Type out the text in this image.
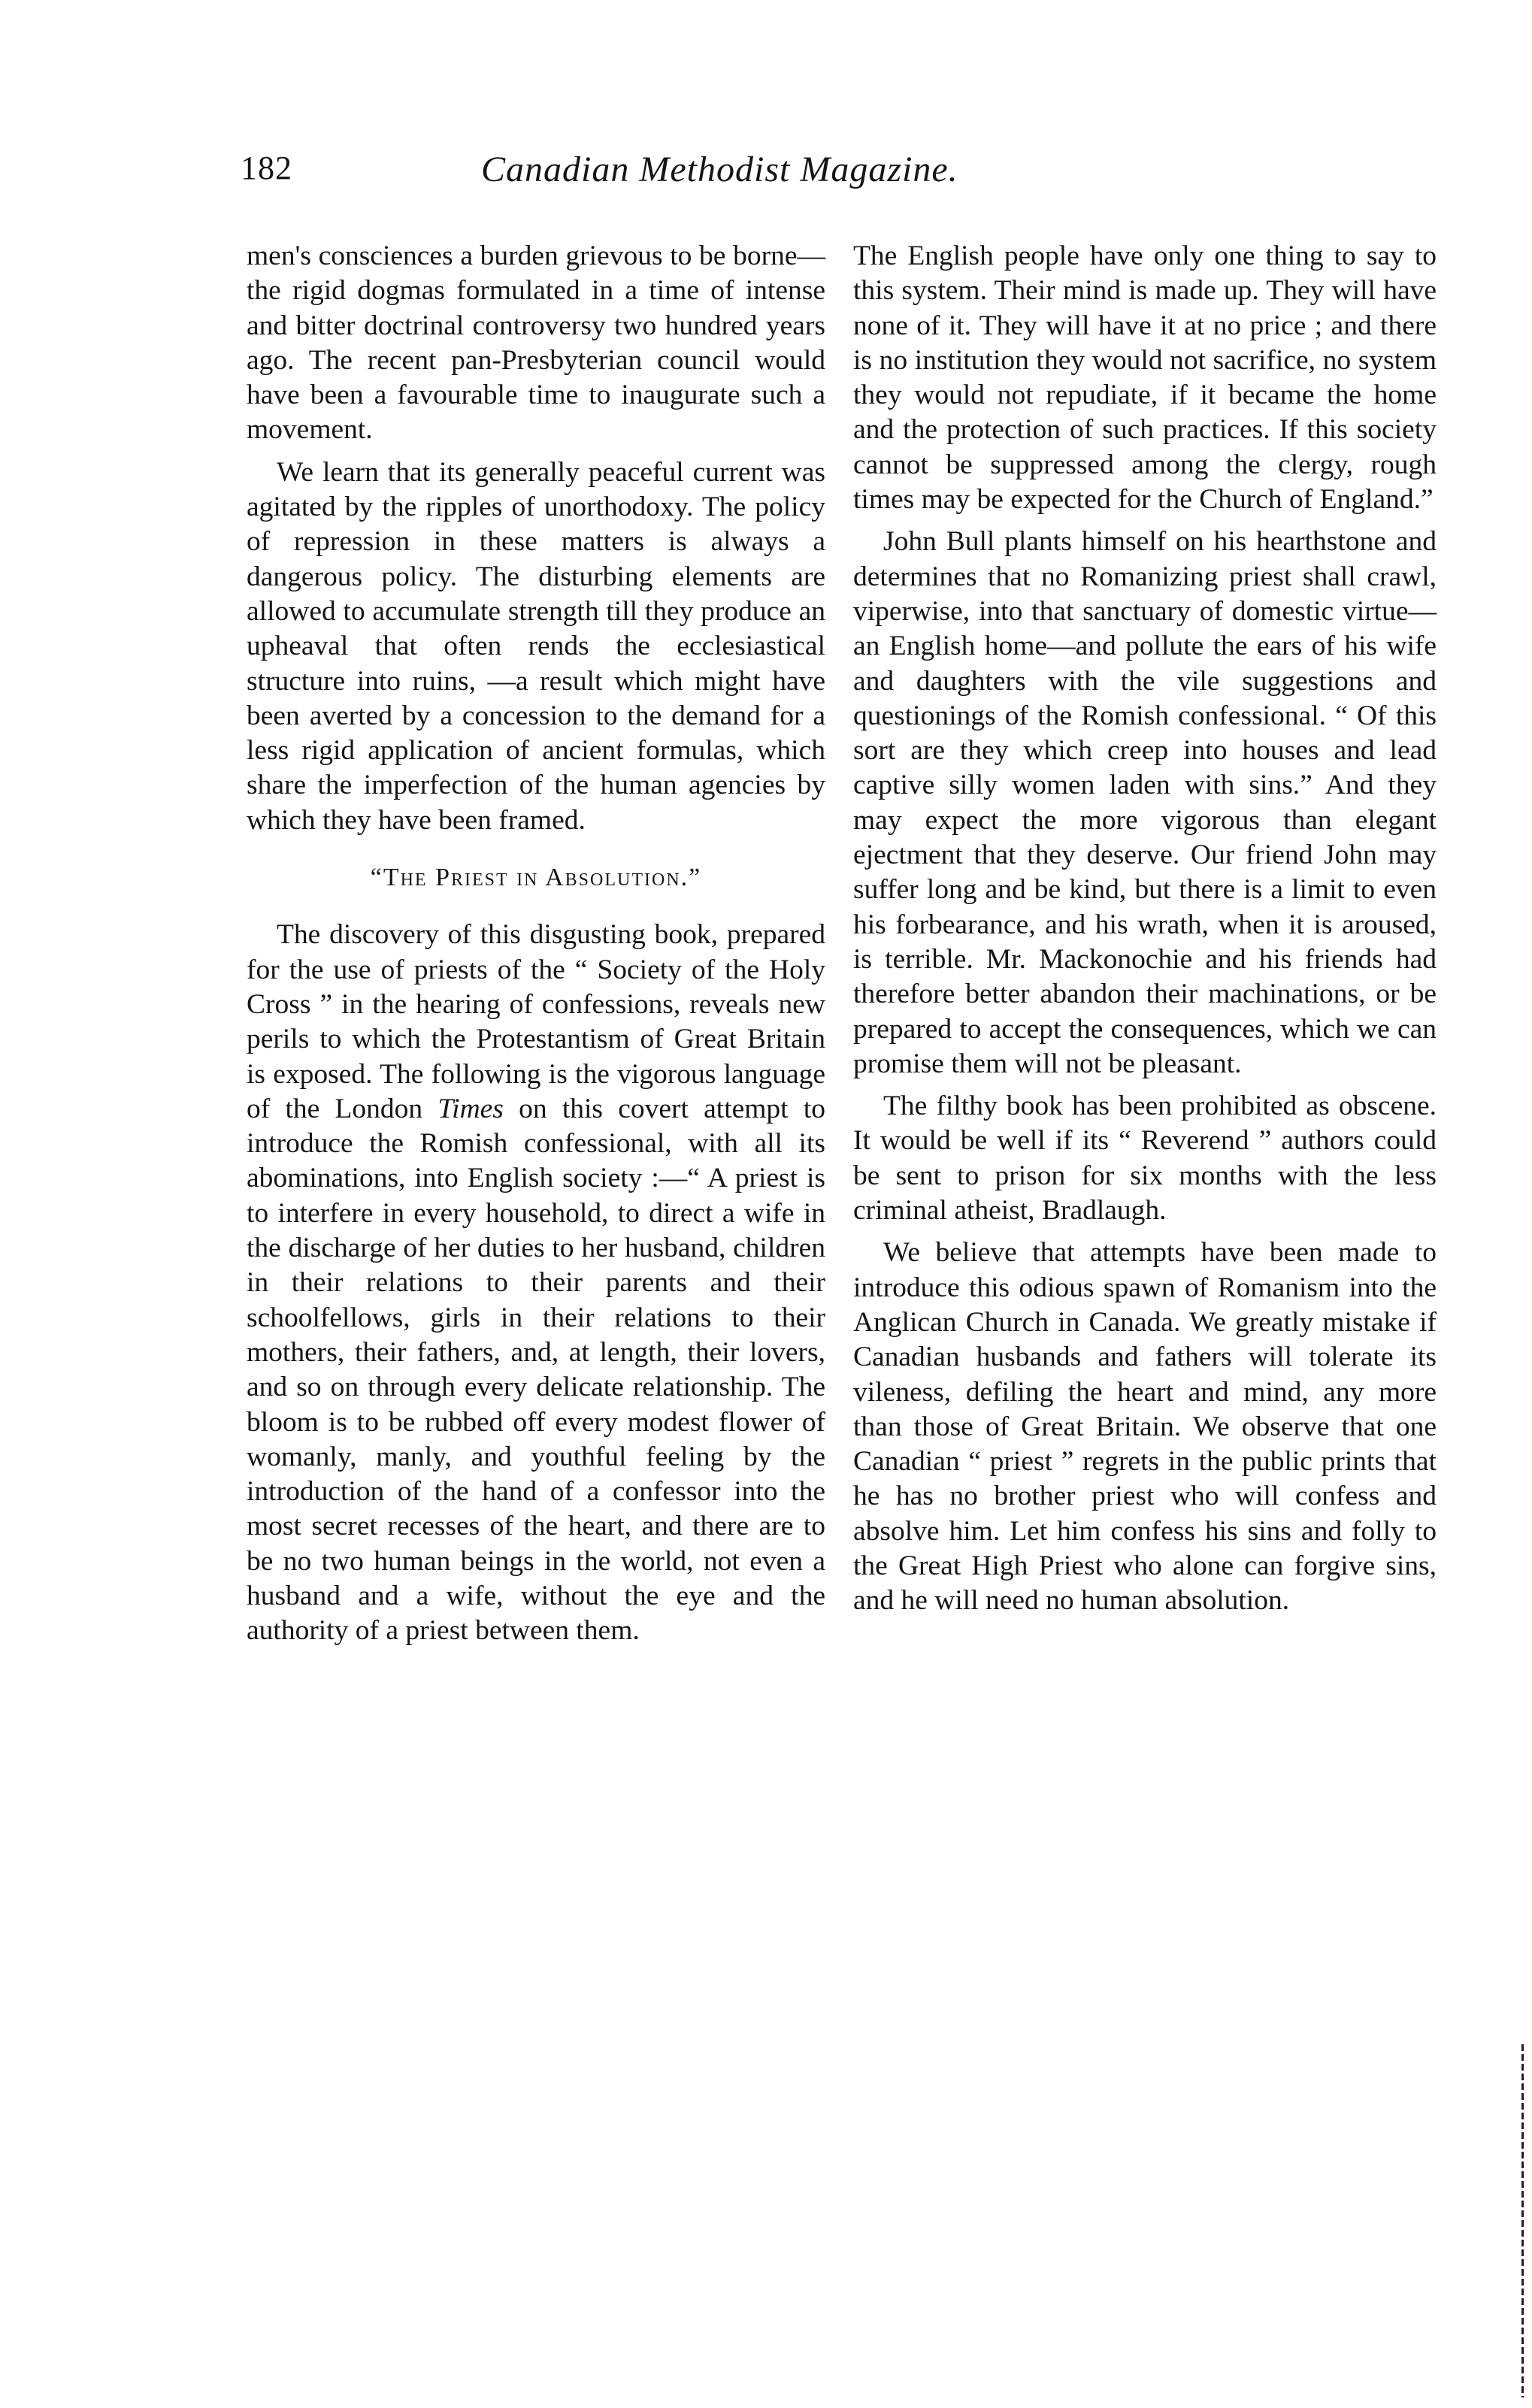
182	Canadian Methodist Magazine.

men's consciences a burden grievous to be borne—the rigid dogmas formulated in a time of intense and bitter doctrinal controversy two hundred years ago. The recent pan-Presbyterian council would have been a favourable time to inaugurate such a movement.

We learn that its generally peaceful current was agitated by the ripples of unorthodoxy. The policy of repression in these matters is always a dangerous policy. The disturbing elements are allowed to accumulate strength till they produce an upheaval that often rends the ecclesiastical structure into ruins, —a result which might have been averted by a concession to the demand for a less rigid application of ancient formulas, which share the imperfection of the human agencies by which they have been framed.

“The Priest in Absolution.”

The discovery of this disgusting book, prepared for the use of priests of the “ Society of the Holy Cross ” in the hearing of confessions, reveals new perils to which the Protestantism of Great Britain is exposed. The following is the vigorous language of the London Times on this covert attempt to introduce the Romish confessional, with all its abominations, into English society :—“ A priest is to interfere in every household, to direct a wife in the discharge of her duties to her husband, children in their relations to their parents and their schoolfellows, girls in their relations to their mothers, their fathers, and, at length, their lovers, and so on through every delicate relationship. The bloom is to be rubbed off every modest flower of womanly, manly, and youthful feeling by the introduction of the hand of a confessor into the most secret recesses of the heart, and there are to be no two human beings in the world, not even a husband and a wife, without the eye and the authority of a priest between them.

The English people have only one thing to say to this system. Their mind is made up. They will have none of it. They will have it at no price ; and there is no institution they would not sacrifice, no system they would not repudiate, if it became the home and the protection of such practices. If this society cannot be suppressed among the clergy, rough times may be expected for the Church of England.”

John Bull plants himself on his hearthstone and determines that no Romanizing priest shall crawl, viperwise, into that sanctuary of domestic virtue—an English home—and pollute the ears of his wife and daughters with the vile suggestions and questionings of the Romish confessional. “ Of this sort are they which creep into houses and lead captive silly women laden with sins.” And they may expect the more vigorous than elegant ejectment that they deserve. Our friend John may suffer long and be kind, but there is a limit to even his forbearance, and his wrath, when it is aroused, is terrible. Mr. Mackonochie and his friends had therefore better abandon their machinations, or be prepared to accept the consequences, which we can promise them will not be pleasant.

The filthy book has been prohibited as obscene. It would be well if its “ Reverend ” authors could be sent to prison for six months with the less criminal atheist, Bradlaugh.

We believe that attempts have been made to introduce this odious spawn of Romanism into the Anglican Church in Canada. We greatly mistake if Canadian husbands and fathers will tolerate its vileness, defiling the heart and mind, any more than those of Great Britain. We observe that one Canadian “ priest ” regrets in the public prints that he has no brother priest who will confess and absolve him. Let him confess his sins and folly to the Great High Priest who alone can forgive sins, and he will need no human absolution.
